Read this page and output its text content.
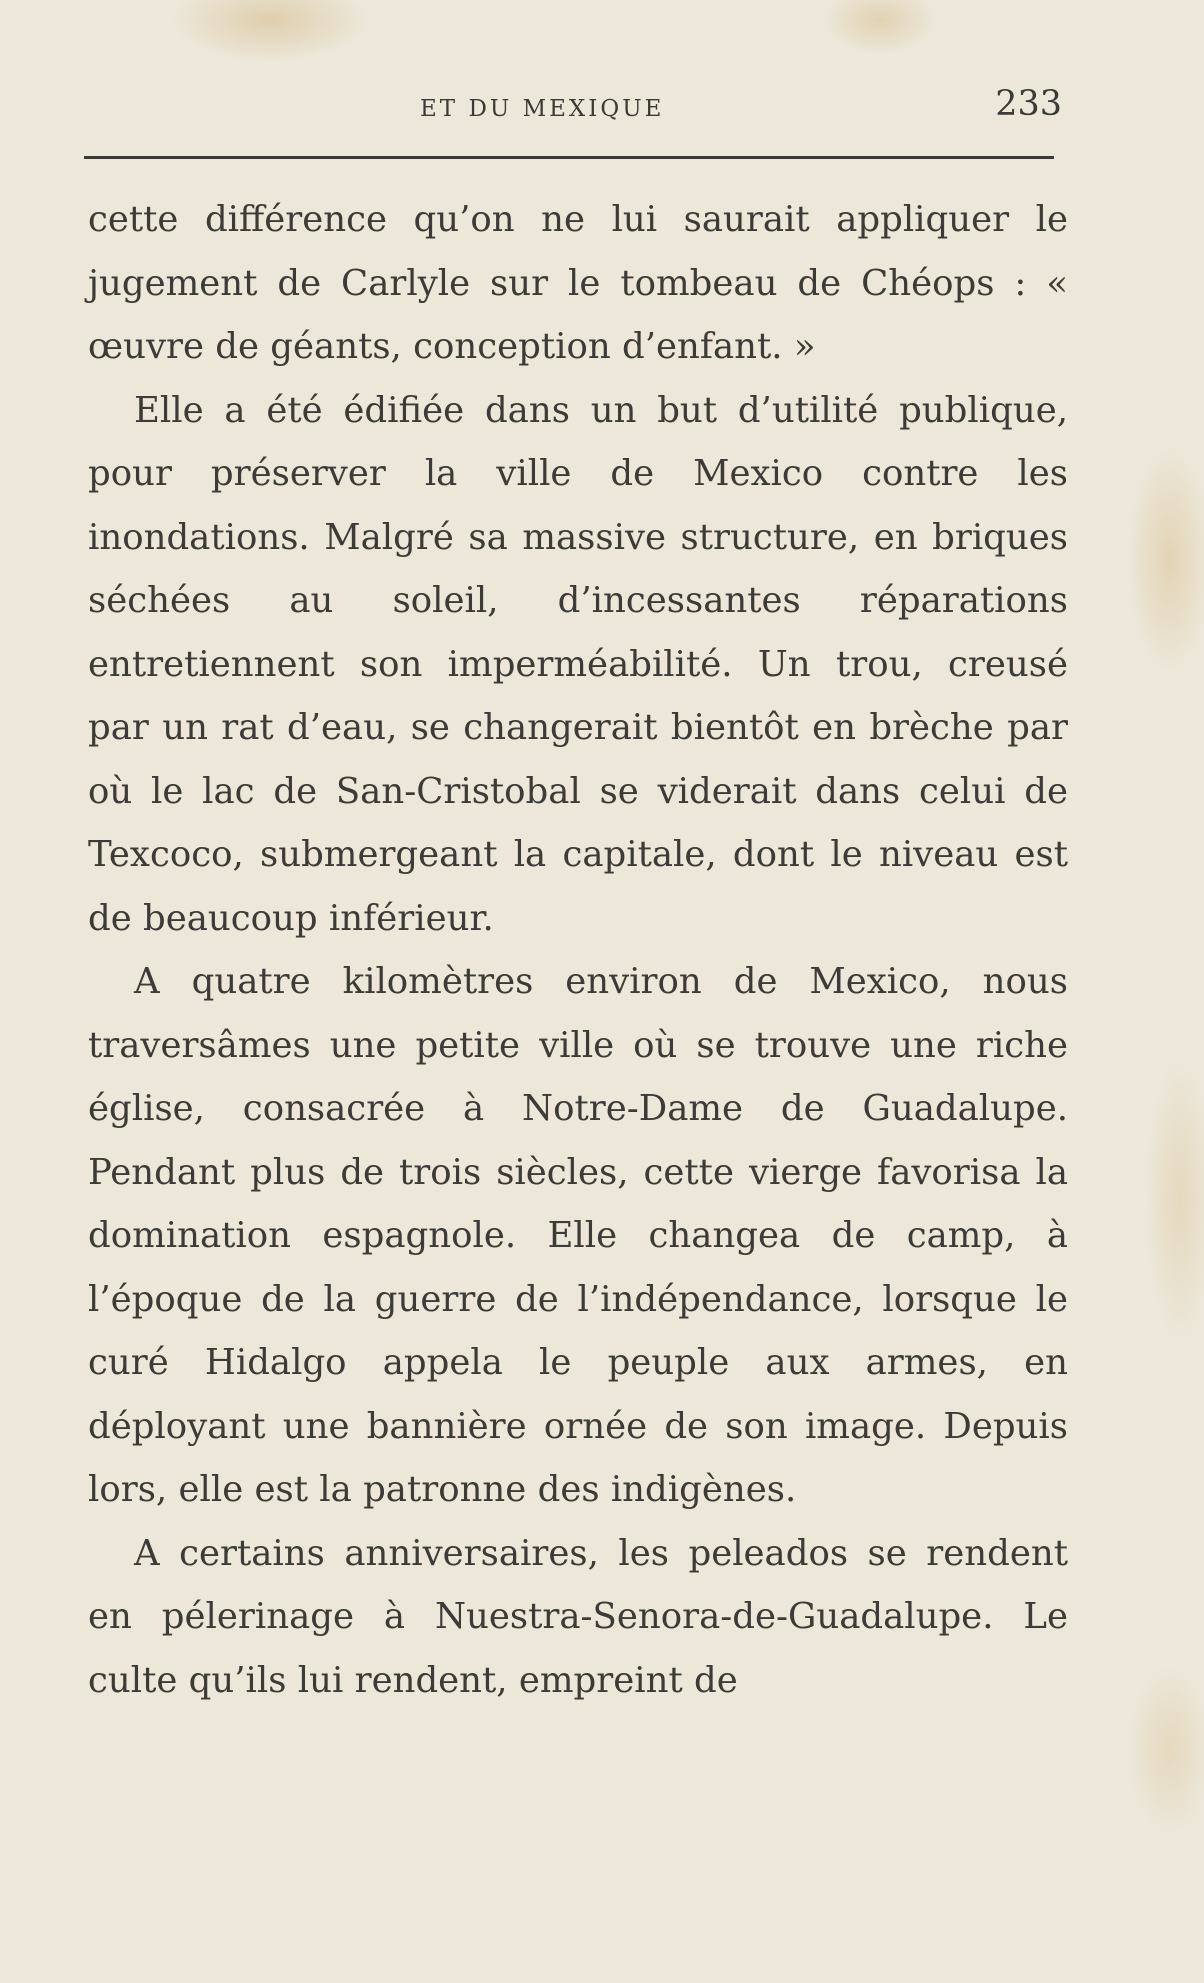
ET DU MEXIQUE	233

cette différence qu’on ne lui saurait appliquer le jugement de Carlyle sur le tombeau de Chéops : « œuvre de géants, conception d’enfant. »

Elle a été édifiée dans un but d’utilité publique, pour préserver la ville de Mexico contre les inondations. Malgré sa massive structure, en briques séchées au soleil, d’incessantes réparations entretiennent son imperméabilité. Un trou, creusé par un rat d’eau, se changerait bientôt en brèche par où le lac de San-Cristobal se viderait dans celui de Texcoco, submergeant la capitale, dont le niveau est de beaucoup inférieur.

A quatre kilomètres environ de Mexico, nous traversâmes une petite ville où se trouve une riche église, consacrée à Notre-Dame de Guadalupe. Pendant plus de trois siècles, cette vierge favorisa la domination espagnole. Elle changea de camp, à l’époque de la guerre de l’indépendance, lorsque le curé Hidalgo appela le peuple aux armes, en déployant une bannière ornée de son image. Depuis lors, elle est la patronne des indigènes.

A certains anniversaires, les peleados se rendent en pélerinage à Nuestra-Senora-de-Guadalupe. Le culte qu’ils lui rendent, empreint de
